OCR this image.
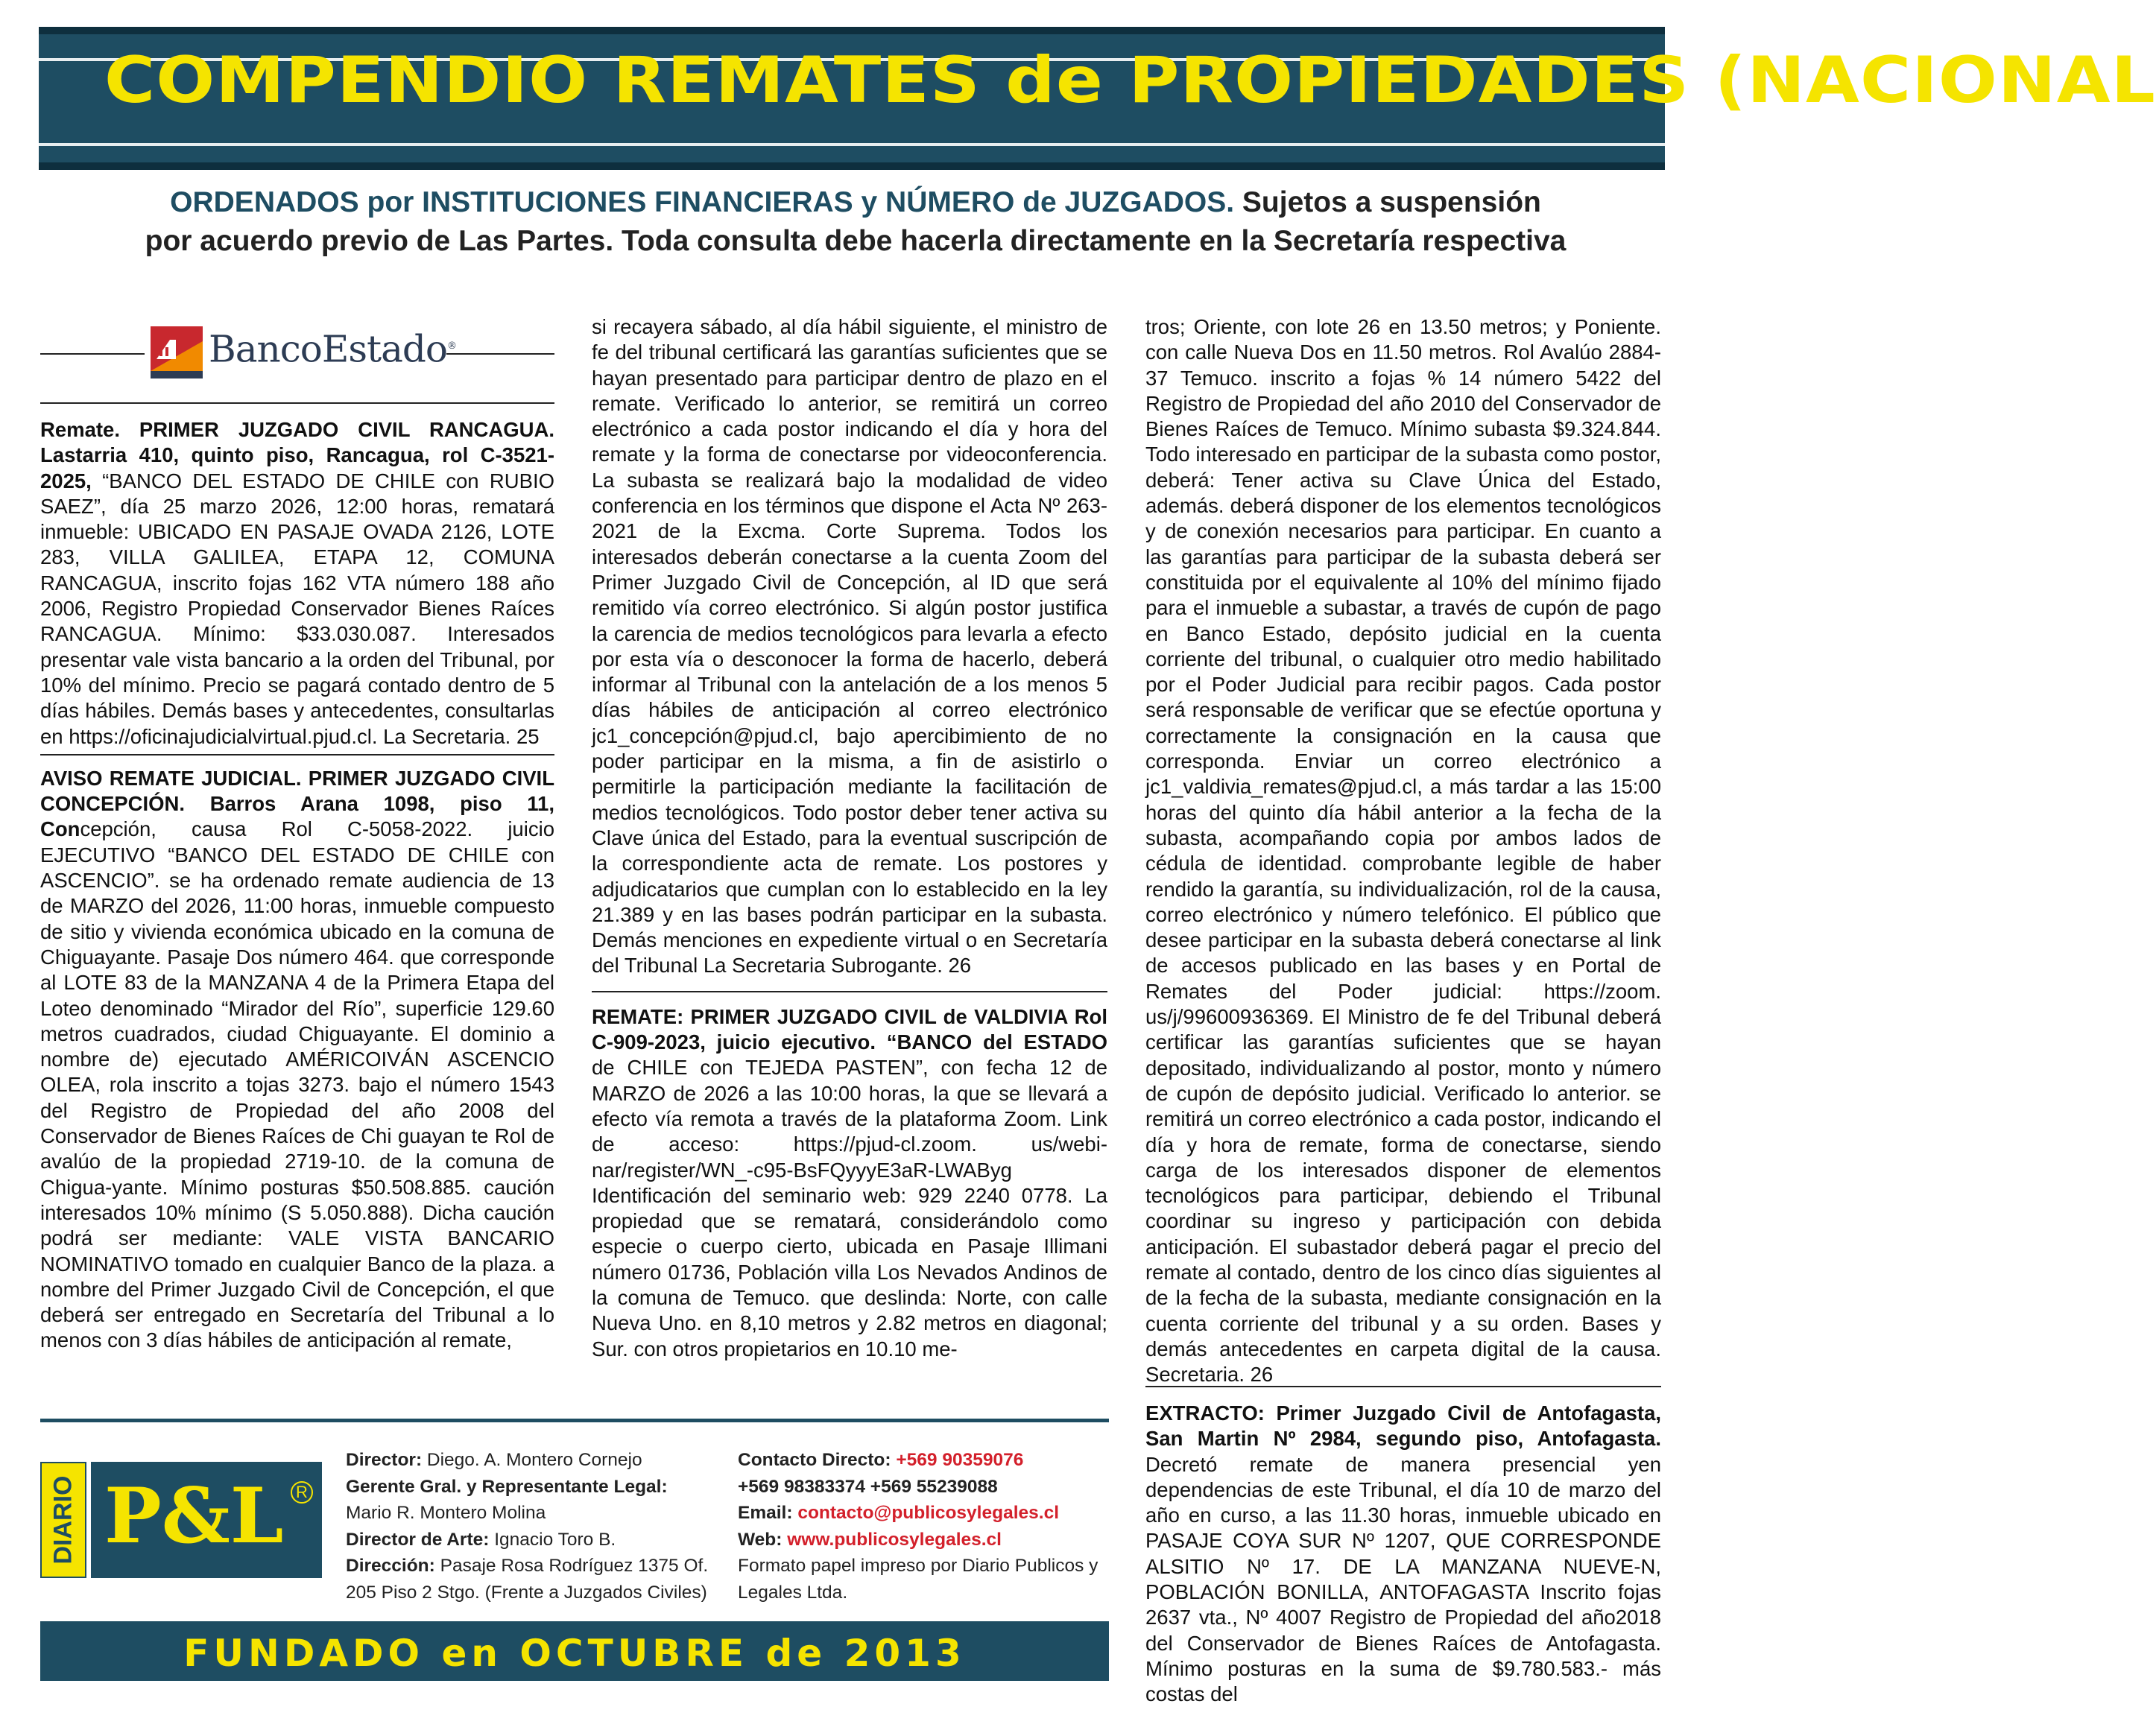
COMPENDIO REMATES de PROPIEDADES (NACIONAL
ORDENADOS por INSTITUCIONES FINANCIERAS y NÚMERO de JUZGADOS. Sujetos a suspensión
por acuerdo previo de Las Partes. Toda consulta debe hacerla directamente en la Secretaría respectiva
BancoEstado®

Remate. PRIMER JUZGADO CIVIL RANCAGUA. Lastarria 410, quinto piso, Rancagua, rol C-3521-2025, “BANCO DEL ESTADO DE CHILE con RUBIO SAEZ”, día 25 marzo 2026, 12:00 horas, rematará inmueble: UBICADO EN PASAJE OVADA 2126, LOTE 283, VILLA GALILEA, ETAPA 12, COMUNA RANCAGUA, inscrito fojas 162 VTA número 188 año 2006, Registro Propiedad Conservador Bienes Raíces RANCAGUA. Mínimo: $33.030.087. Interesados presentar vale vista bancario a la orden del Tribunal, por 10% del mínimo. Precio se pagará contado dentro de 5 días hábiles. Demás bases y antecedentes, consultarlas en https://oficinajudicialvirtual.pjud.cl. La Secretaria. 25

AVISO REMATE JUDICIAL. PRIMER JUZGADO CIVIL CONCEPCIÓN. Barros Arana 1098, piso 11, Concepción, causa Rol C-5058-2022. juicio EJECUTIVO “BANCO DEL ESTADO DE CHILE con ASCENCIO”. se ha ordenado remate audiencia de 13 de MARZO del 2026, 11:00 horas, inmueble compuesto de sitio y vivienda económica ubicado en la comuna de Chiguayante. Pasaje Dos número 464. que corresponde al LOTE 83 de la MANZANA 4 de la Primera Etapa del Loteo denominado “Mirador del Río”, superficie 129.60 metros cuadrados, ciudad Chiguayante. El dominio a nombre de) ejecutado AMÉRICOIVÁN ASCENCIO OLEA, rola inscrito a tojas 3273. bajo el número 1543 del Registro de Propiedad del año 2008 del Conservador de Bienes Raíces de Chi guayan te Rol de avalúo de la propiedad 2719-10. de la comuna de Chigua-yante. Mínimo posturas $50.508.885. caución interesados 10% mínimo (S 5.050.888). Dicha caución podrá ser mediante: VALE VISTA BANCARIO NOMINATIVO tomado en cualquier Banco de la plaza. a nombre del Primer Juzgado Civil de Concepción, el que deberá ser entregado en Secretaría del Tribunal a lo menos con 3 días hábiles de anticipación al remate,

si recayera sábado, al día hábil siguiente, el ministro de fe del tribunal certificará las garantías suficientes que se hayan presentado para participar dentro de plazo en el remate. Verificado lo anterior, se remitirá un correo electrónico a cada postor indicando el día y hora del remate y la forma de conectarse por videoconferencia. La subasta se realizará bajo la modalidad de video conferencia en los términos que dispone el Acta Nº 263-2021 de la Excma. Corte Suprema. Todos los interesados deberán conectarse a la cuenta Zoom del Primer Juzgado Civil de Concepción, al ID que será remitido vía correo electrónico. Si algún postor justifica la carencia de medios tecnológicos para levarla a efecto por esta vía o desconocer la forma de hacerlo, deberá informar al Tribunal con la antelación de a los menos 5 días hábiles de anticipación al correo electrónico jc1_concepción@pjud.cl, bajo apercibimiento de no poder participar en la misma, a fin de asistirlo o permitirle la participación mediante la facilitación de medios tecnológicos. Todo postor deber tener activa su Clave única del Estado, para la eventual suscripción de la correspondiente acta de remate. Los postores y adjudicatarios que cumplan con lo establecido en la ley 21.389 y en las bases podrán participar en la subasta. Demás menciones en expediente virtual o en Secretaría del Tribunal La Secretaria Subrogante. 26

REMATE: PRIMER JUZGADO CIVIL de VALDIVIA Rol C-909-2023, juicio ejecutivo. “BANCO del ESTADO de CHILE con TEJEDA PASTEN”, con fecha 12 de MARZO de 2026 a las 10:00 horas, la que se llevará a efecto vía remota a través de la plataforma Zoom. Link de acceso: https://pjud-cl.zoom. us/webi-nar/register/WN_-c95-BsFQyyyE3aR-LWAByg Identificación del seminario web: 929 2240 0778. La propiedad que se rematará, considerándolo como especie o cuerpo cierto, ubicada en Pasaje Illimani número 01736, Población villa Los Nevados Andinos de la comuna de Temuco. que deslinda: Norte, con calle Nueva Uno. en 8,10 metros y 2.82 metros en diagonal; Sur. con otros propietarios en 10.10 me-

tros; Oriente, con lote 26 en 13.50 metros; y Poniente. con calle Nueva Dos en 11.50 metros. Rol Avalúo 2884-37 Temuco. inscrito a fojas % 14 número 5422 del Registro de Propiedad del año 2010 del Conservador de Bienes Raíces de Temuco. Mínimo subasta $9.324.844. Todo interesado en participar de la subasta como postor, deberá: Tener activa su Clave Única del Estado, además. deberá disponer de los elementos tecnológicos y de conexión necesarios para participar. En cuanto a las garantías para participar de la subasta deberá ser constituida por el equivalente al 10% del mínimo fijado para el inmueble a subastar, a través de cupón de pago en Banco Estado, depósito judicial en la cuenta corriente del tribunal, o cualquier otro medio habilitado por el Poder Judicial para recibir pagos. Cada postor será responsable de verificar que se efectúe oportuna y correctamente la consignación en la causa que corresponda. Enviar un correo electrónico a jc1_valdivia_remates@pjud.cl, a más tardar a las 15:00 horas del quinto día hábil anterior a la fecha de la subasta, acompañando copia por ambos lados de cédula de identidad. comprobante legible de haber rendido la garantía, su individualización, rol de la causa, correo electrónico y número telefónico. El público que desee participar en la subasta deberá conectarse al link de accesos publicado en las bases y en Portal de Remates del Poder judicial: https://zoom. us/j/99600936369. El Ministro de fe del Tribunal deberá certificar las garantías suficientes que se hayan depositado, individualizando al postor, monto y número de cupón de depósito judicial. Verificado lo anterior. se remitirá un correo electrónico a cada postor, indicando el día y hora de remate, forma de conectarse, siendo carga de los interesados disponer de elementos tecnológicos para participar, debiendo el Tribunal coordinar su ingreso y participación con debida anticipación. El subastador deberá pagar el precio del remate al contado, dentro de los cinco días siguientes al de la fecha de la subasta, mediante consignación en la cuenta corriente del tribunal y a su orden. Bases y demás antecedentes en carpeta digital de la causa. Secretaria. 26

EXTRACTO: Primer Juzgado Civil de Antofagasta, San Martin Nº 2984, segundo piso, Antofagasta. Decretó remate de manera presencial yen dependencias de este Tribunal, el día 10 de marzo del año en curso, a las 11.30 horas, inmueble ubicado en PASAJE COYA SUR Nº 1207, QUE CORRESPONDE ALSITIO Nº 17. DE LA MANZANA NUEVE-N, POBLACIÓN BONILLA, ANTOFAGASTA Inscrito fojas 2637 vta., Nº 4007 Registro de Propiedad del año2018 del Conservador de Bienes Raíces de Antofagasta. Mínimo posturas en la suma de $9.780.583.- más costas del
DIARIO P&L R
Director: Diego. A. Montero Cornejo
Gerente Gral. y Representante Legal:
Mario R. Montero Molina
Director de Arte: Ignacio Toro B.
Dirección: Pasaje Rosa Rodríguez 1375 Of. 205 Piso 2 Stgo. (Frente a Juzgados Civiles)
Contacto Directo: +569 90359076
+569 98383374 +569 55239088
Email: contacto@publicosylegales.cl
Web: www.publicosylegales.cl
Formato papel impreso por Diario Publicos y Legales Ltda.
FUNDADO en OCTUBRE de 2013
